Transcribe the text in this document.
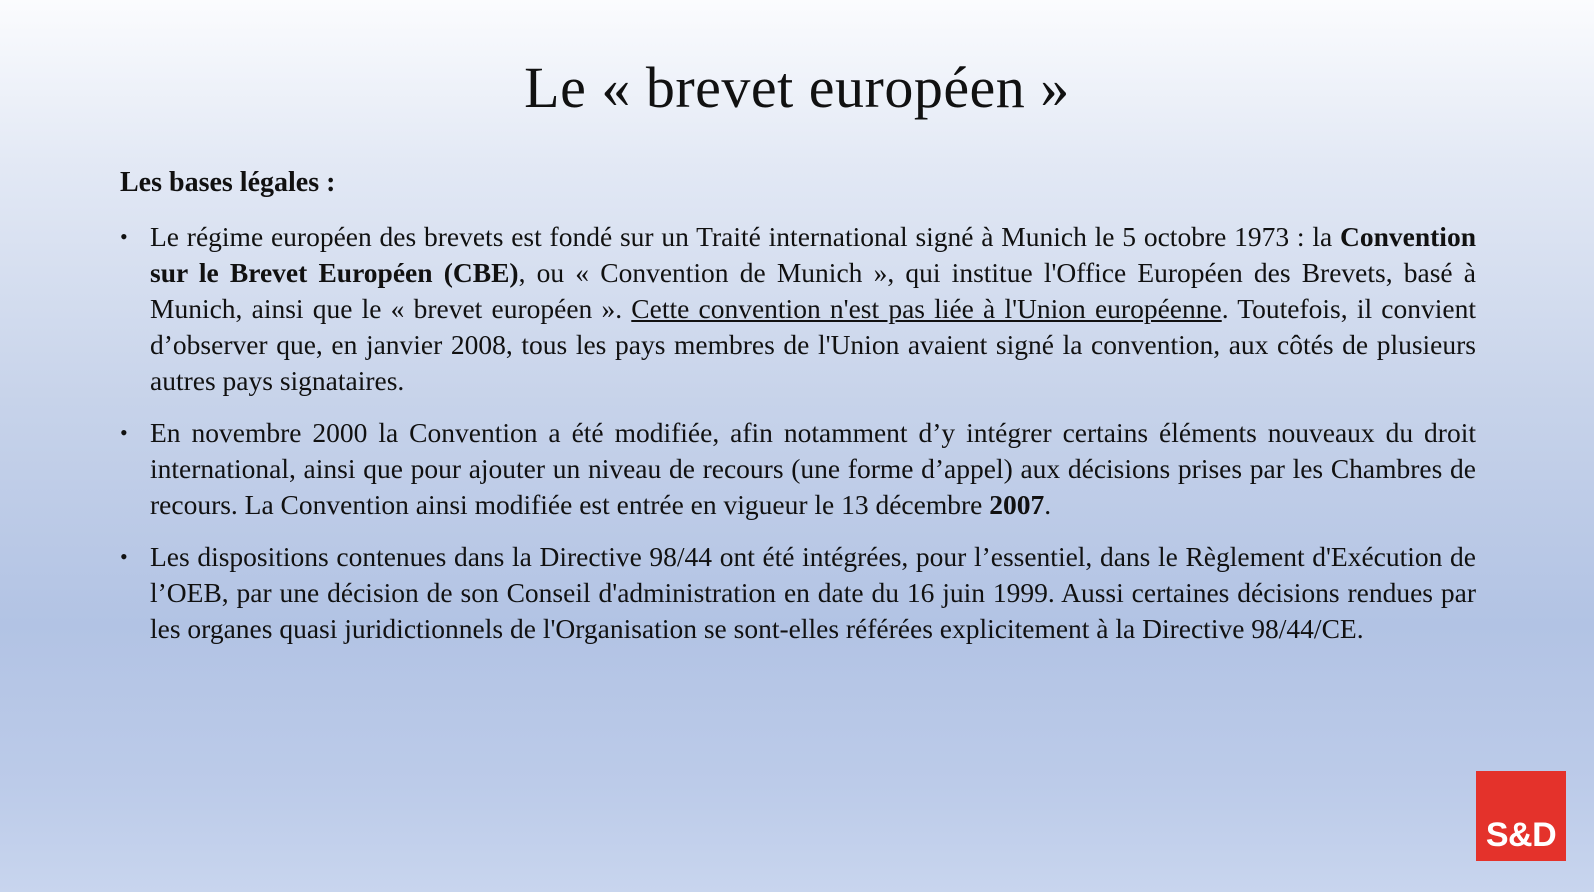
Le « brevet européen »
Les bases légales :
• Le régime européen des brevets est fondé sur un Traité international signé à Munich le 5 octobre 1973 : la Convention sur le Brevet Européen (CBE), ou « Convention de Munich », qui institue l'Office Européen des Brevets, basé à Munich, ainsi que le « brevet européen ». Cette convention n'est pas liée à l'Union européenne. Toutefois, il convient d’observer que, en janvier 2008, tous les pays membres de l'Union avaient signé la convention, aux côtés de plusieurs autres pays signataires.
• En novembre 2000 la Convention a été modifiée, afin notamment d’y intégrer certains éléments nouveaux du droit international, ainsi que pour ajouter un niveau de recours (une forme d’appel) aux décisions prises par les Chambres de recours. La Convention ainsi modifiée est entrée en vigueur le 13 décembre 2007.
• Les dispositions contenues dans la Directive 98/44 ont été intégrées, pour l’essentiel, dans le Règlement d'Exécution de l’OEB, par une décision de son Conseil d'administration en date du 16 juin 1999. Aussi certaines décisions rendues par les organes quasi juridictionnels de l'Organisation se sont-elles référées explicitement à la Directive 98/44/CE.
S&D
